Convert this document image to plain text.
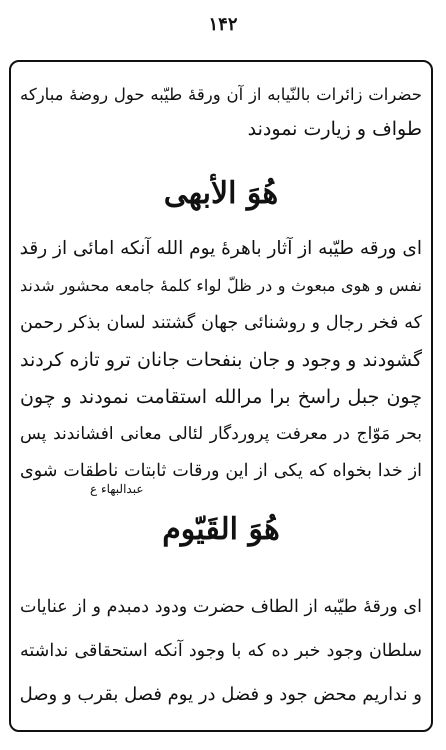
۱۴۲
حضرات زائرات بالنّیابه از آن ورقهٔ طیّبه حول روضهٔ مبارکه
طواف و زیارت نمودند
هُوَ الأبهی
ای ورقه طیّبه از آثار باهرهٔ یوم الله آنکه امائی از رقد
نفس و هوی مبعوث و در ظلّ لواء کلمهٔ جامعه محشور شدند
که فخر رجال و روشنائی جهان گشتند لسان بذکر رحمن
گشودند و وجود و جان بنفحات جانان ترو تازه کردند
چون جبل راسخ برا مرالله استقامت نمودند و چون
بحر مَوّاج در معرفت پروردگار لئالی معانی افشاندند پس
از خدا بخواه که یکی از این ورقات ثابتات ناطقات شوی
عبدالبهاء ع
هُوَ القَیّوم
ای ورقهٔ طیّبه از الطاف حضرت ودود دمبدم و از عنایات
سلطان وجود خبر ده که با وجود آنکه استحقاقی نداشته
و نداریم محض جود و فضل در یوم فصل بقرب و وصل
